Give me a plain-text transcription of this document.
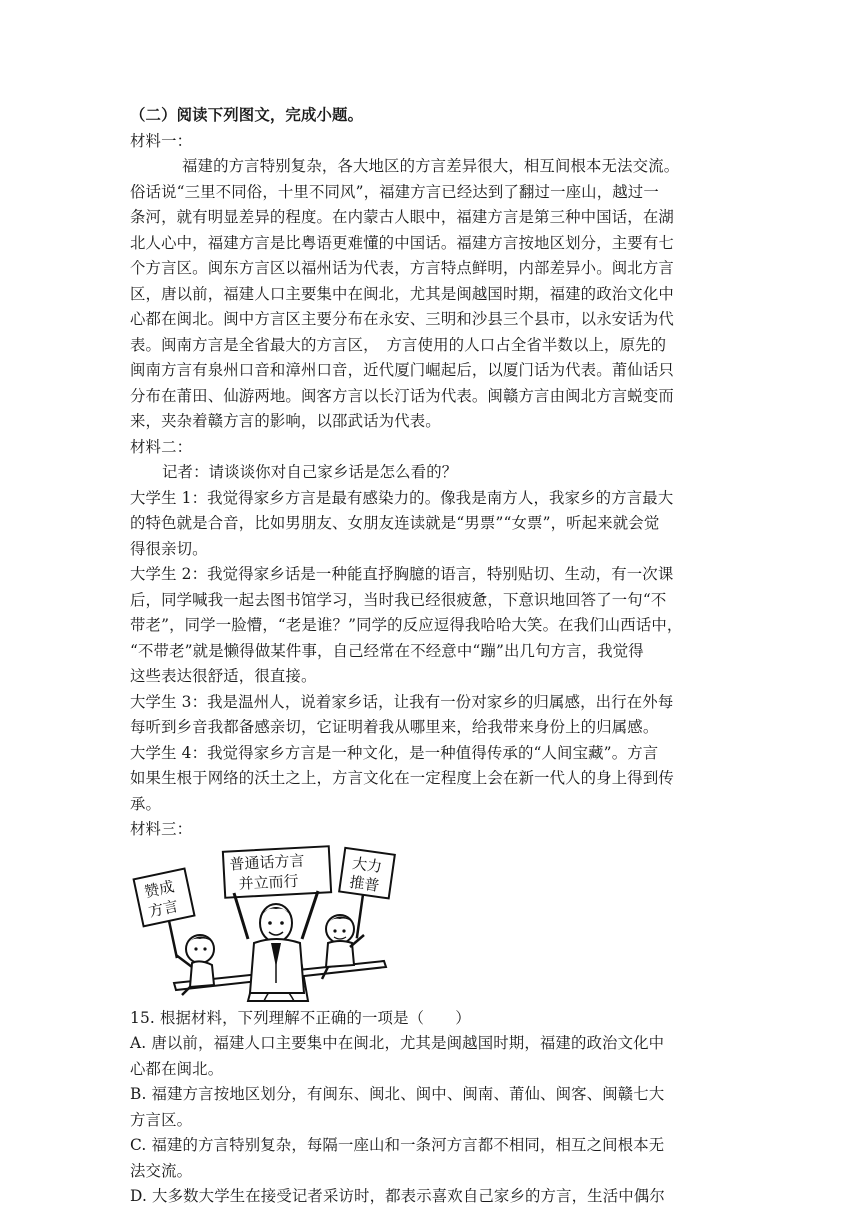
（二）阅读下列图文，完成小题。
材料一：
福建的方言特别复杂，各大地区的方言差异很大，相互间根本无法交流。
俗话说“三里不同俗，十里不同风”，福建方言已经达到了翻过一座山，越过一
条河，就有明显差异的程度。在内蒙古人眼中，福建方言是第三种中国话，在湖
北人心中，福建方言是比粤语更难懂的中国话。福建方言按地区划分，主要有七
个方言区。闽东方言区以福州话为代表，方言特点鲜明，内部差异小。闽北方言
区，唐以前，福建人口主要集中在闽北，尤其是闽越国时期，福建的政治文化中
心都在闽北。闽中方言区主要分布在永安、三明和沙县三个县市，以永安话为代
表。闽南方言是全省最大的方言区，　方言使用的人口占全省半数以上，原先的
闽南方言有泉州口音和漳州口音，近代厦门崛起后，以厦门话为代表。莆仙话只
分布在莆田、仙游两地。闽客方言以长汀话为代表。闽赣方言由闽北方言蜕变而
来，夹杂着赣方言的影响，以邵武话为代表。
材料二：
记者：请谈谈你对自己家乡话是怎么看的？
大学生 1：我觉得家乡方言是最有感染力的。像我是南方人，我家乡的方言最大
的特色就是合音，比如男朋友、女朋友连读就是“男票”“女票”，听起来就会觉
得很亲切。
大学生 2：我觉得家乡话是一种能直抒胸臆的语言，特别贴切、生动，有一次课
后，同学喊我一起去图书馆学习，当时我已经很疲惫，下意识地回答了一句“不
带老”，同学一脸懵，“老是谁？”同学的反应逗得我哈哈大笑。在我们山西话中，
“不带老”就是懒得做某件事，自己经常在不经意中“蹦”出几句方言，我觉得
这些表达很舒适，很直接。
大学生 3：我是温州人，说着家乡话，让我有一份对家乡的归属感，出行在外每
每听到乡音我都备感亲切，它证明着我从哪里来，给我带来身份上的归属感。
大学生 4：我觉得家乡方言是一种文化，是一种值得传承的“人间宝藏”。方言
如果生根于网络的沃土之上，方言文化在一定程度上会在新一代人的身上得到传
承。
材料三：
普通话方言
并立而行
赞成
方言
大力
推普
15. 根据材料，下列理解不正确的一项是（　　）
A. 唐以前，福建人口主要集中在闽北，尤其是闽越国时期，福建的政治文化中
心都在闽北。
B. 福建方言按地区划分，有闽东、闽北、闽中、闽南、莆仙、闽客、闽赣七大
方言区。
C. 福建的方言特别复杂，每隔一座山和一条河方言都不相同，相互之间根本无
法交流。
D. 大多数大学生在接受记者采访时，都表示喜欢自己家乡的方言，生活中偶尔
